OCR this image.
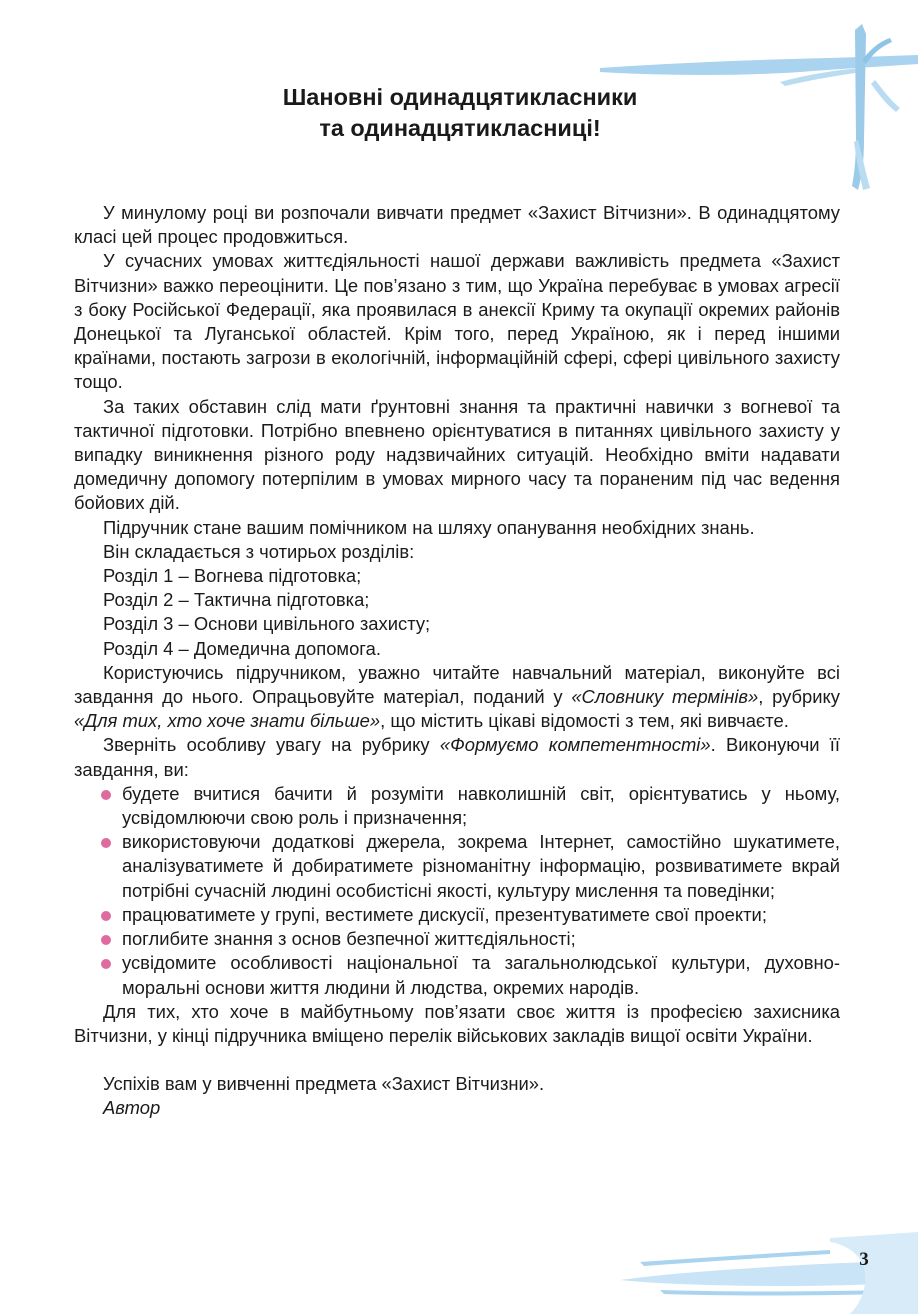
Шановні одинадцятикласники
та одинадцятикласниці!

У минулому році ви розпочали вивчати предмет «Захист Вітчизни». В одинадцятому класі цей процес продовжиться.

У сучасних умовах життєдіяльності нашої держави важливість предмета «Захист Вітчизни» важко переоцінити. Це пов’язано з тим, що Україна перебуває в умовах агресії з боку Російської Федерації, яка проявилася в анексії Криму та окупації окремих районів Донецької та Луганської областей. Крім того, перед Україною, як і перед іншими країнами, постають загрози в екологічній, інформаційній сфері, сфері цивільного захисту тощо.

За таких обставин слід мати ґрунтовні знання та практичні навички з вогневої та тактичної підготовки. Потрібно впевнено орієнтуватися в питаннях цивільного захисту у випадку виникнення різного роду надзвичайних ситуацій. Необхідно вміти надавати домедичну допомогу потерпілим в умовах мирного часу та пораненим під час ведення бойових дій.

Підручник стане вашим помічником на шляху опанування необхідних знань.

Він складається з чотирьох розділів:

Розділ 1 – Вогнева підготовка;

Розділ 2 – Тактична підготовка;

Розділ 3 – Основи цивільного захисту;

Розділ 4 – Домедична допомога.

Користуючись підручником, уважно читайте навчальний матеріал, виконуйте всі завдання до нього. Опрацьовуйте матеріал, поданий у «Словнику термінів», рубрику «Для тих, хто хоче знати більше», що містить цікаві відомості з тем, які вивчаєте.

Зверніть особливу увагу на рубрику «Формуємо компетентності». Виконуючи її завдання, ви:

будете вчитися бачити й розуміти навколишній світ, орієнтуватись у ньому, усвідомлюючи свою роль і призначення;
використовуючи додаткові джерела, зокрема Інтернет, самостійно шукатимете, аналізуватимете й добиратимете різноманітну інформацію, розвиватимете вкрай потрібні сучасній людині особистісні якості, культуру мислення та поведінки;
працюватимете у групі, вестимете дискусії, презентуватимете свої проекти;
поглибите знання з основ безпечної життєдіяльності;
усвідомите особливості національної та загальнолюдської культури, духовно-моральні основи життя людини й людства, окремих народів.

Для тих, хто хоче в майбутньому пов’язати своє життя із професією захисника Вітчизни, у кінці підручника вміщено перелік військових закладів вищої освіти України.

Успіхів вам у вивченні предмета «Захист Вітчизни».

Автор

3
